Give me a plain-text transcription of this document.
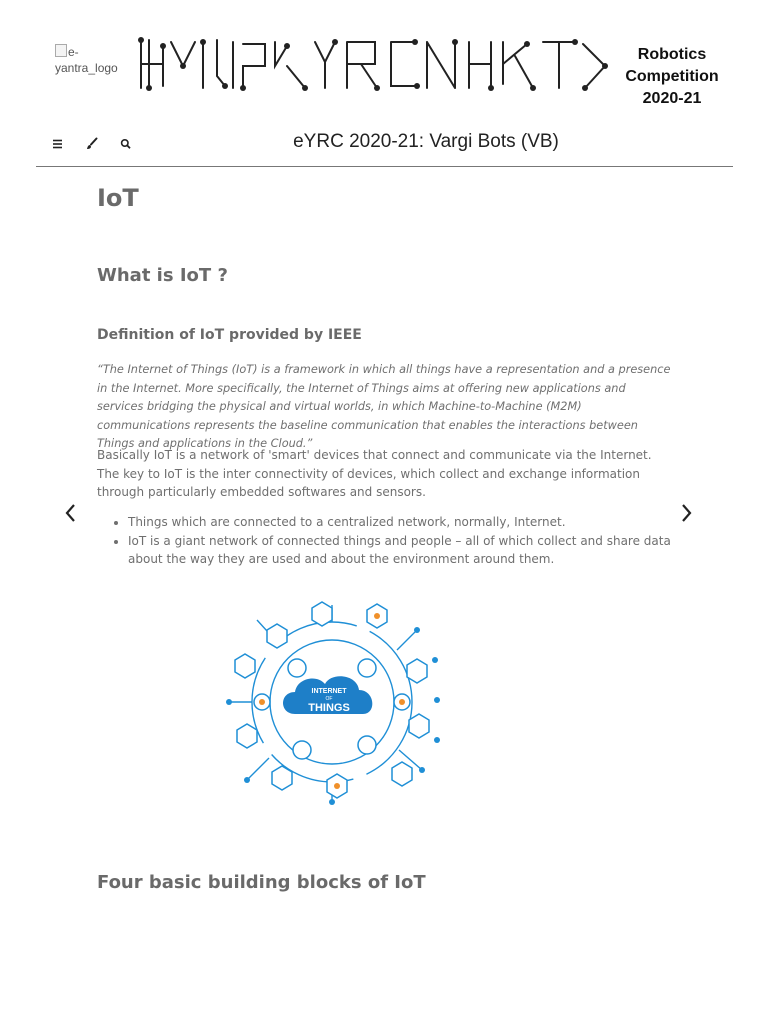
e-yantra_logo
Robotics
Competition
2020-21
eYRC 2020-21: Vargi Bots (VB)
IoT
What is IoT ?
Definition of IoT provided by IEEE

“The Internet of Things (IoT) is a framework in which all things have a representation and a presence in the Internet. More specifically, the Internet of Things aims at offering new applications and services bridging the physical and virtual worlds, in which Machine-to-Machine (M2M) communications represents the baseline communication that enables the interactions between Things and applications in the Cloud.”

Basically IoT is a network of 'smart' devices that connect and communicate via the Internet. The key to IoT is the inter connectivity of devices, which collect and exchange information through particularly embedded softwares and sensors.

• Things which are connected to a centralized network, normally, Internet.
• IoT is a giant network of connected things and people – all of which collect and share data about the way they are used and about the environment around them.
INTERNET
OF
THINGS
Four basic building blocks of IoT
